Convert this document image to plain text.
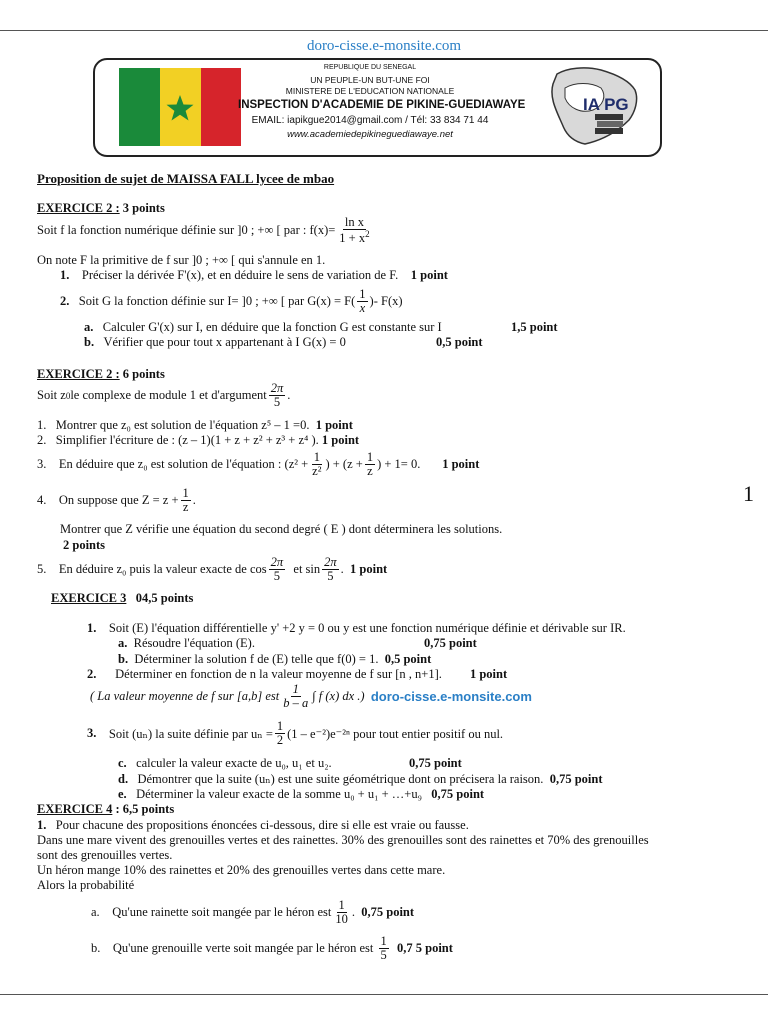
doro-cisse.e-monsite.com
REPUBLIQUE DU SENEGAL
UN PEUPLE-UN BUT-UNE FOI
MINISTERE DE L'EDUCATION NATIONALE
INSPECTION D'ACADEMIE DE PIKINE-GUEDIAWAYE
EMAIL: iapikgue2014@gmail.com / Tél: 33 834 71 44
www.academiedepikineguediawaye.net
IA PG
Proposition de sujet de MAISSA FALL lycee de mbao
EXERCICE 2 : 3 points
Soit f la fonction numérique définie sur ]0 ; +∞ [ par : $f(x)= \frac{\text{ln x}}{1 + x^2}$
On note F la primitive de f sur ]0 ; +∞ [ qui s'annule en 1.
1. Préciser la dérivée F'(x), et en déduire le sens de variation de F. 1 point
2.
Soit G la fonction définie sur I= ]0 ; +∞ [ par $G(x) = F( \frac{1}{x}$ )- F(x)
a. Calculer G'(x) sur I, en déduire que la fonction G est constante sur I	1,5 point
b. Vérifier que pour tout x appartenant à I G(x) = 0	0,5 point
EXERCICE 2 : 6 points
Soit z 0 le complexe de module 1 et d'argument $\frac{2\pi}{5}$ .
1. Montrer que z₀ est solution de l'équation z⁵ – 1 =0. 1 point
2. Simplifier l'écriture de : (z – 1)(1 + z + z² + z³ + z⁴ ). 1 point
3.
En déduire que z₀ est solution de l'équation : ($z^2 + \frac{1}{\text{z²}}$ ) + ($z + \frac{1}{z}$ ) + 1= 0.
1 point
4.
On suppose que $Z = z + \frac{1}{z}$ .
Montrer que Z vérifie une équation du second degré ( E ) dont déterminera les solutions.
2 points
5.
En déduire z₀ puis la valeur exacte de $\cos \frac{2\pi}{5}$
et $\sin \frac{2\pi}{5}$ .
1 point
1
EXERCICE 3 04,5 points
1. Soit (E) l'équation différentielle y' +2 y = 0 ou y est une fonction numérique définie et dérivable sur IR.
a. Résoudre l'équation (E).	0,75 point
b. Déterminer la solution f de (E) telle que f(0) = 1. 0,5 point
2. Déterminer en fonction de n la valeur moyenne de f sur [n , n+1]. 1 point
( La valeur moyenne de f sur [a,b] est $\frac{1}{b - a}$ ∫ f (x) dx .)
doro-cisse.e-monsite.com
3.
Soit (uₙ) la suite définie par $u_n = \frac{1}{2} (1 - e^{-2})e^{-2n}$ pour tout entier positif ou nul.
c. calculer la valeur exacte de u₀, u₁ et u₂.	0,75 point
d. Démontrer que la suite (uₙ) est une suite géométrique dont on précisera la raison. 0,75 point
e. Déterminer la valeur exacte de la somme u₀ + u₁ + …+u₉ 0,75 point
EXERCICE 4 : 6,5 points
1. Pour chacune des propositions énoncées ci-dessous, dire si elle est vraie ou fausse.
Dans une mare vivent des grenouilles vertes et des rainettes. 30% des grenouilles sont des rainettes et 70% des grenouilles
sont des grenouilles vertes.
Un héron mange 10% des rainettes et 20% des grenouilles vertes dans cette mare.
Alors la probabilité
a.
Qu'une rainette soit mangée par le héron est $\frac{1}{10}$ .
0,75 point
b.
Qu'une grenouille verte soit mangée par le héron est
$\frac{1}{5}$
0,7 5 point
